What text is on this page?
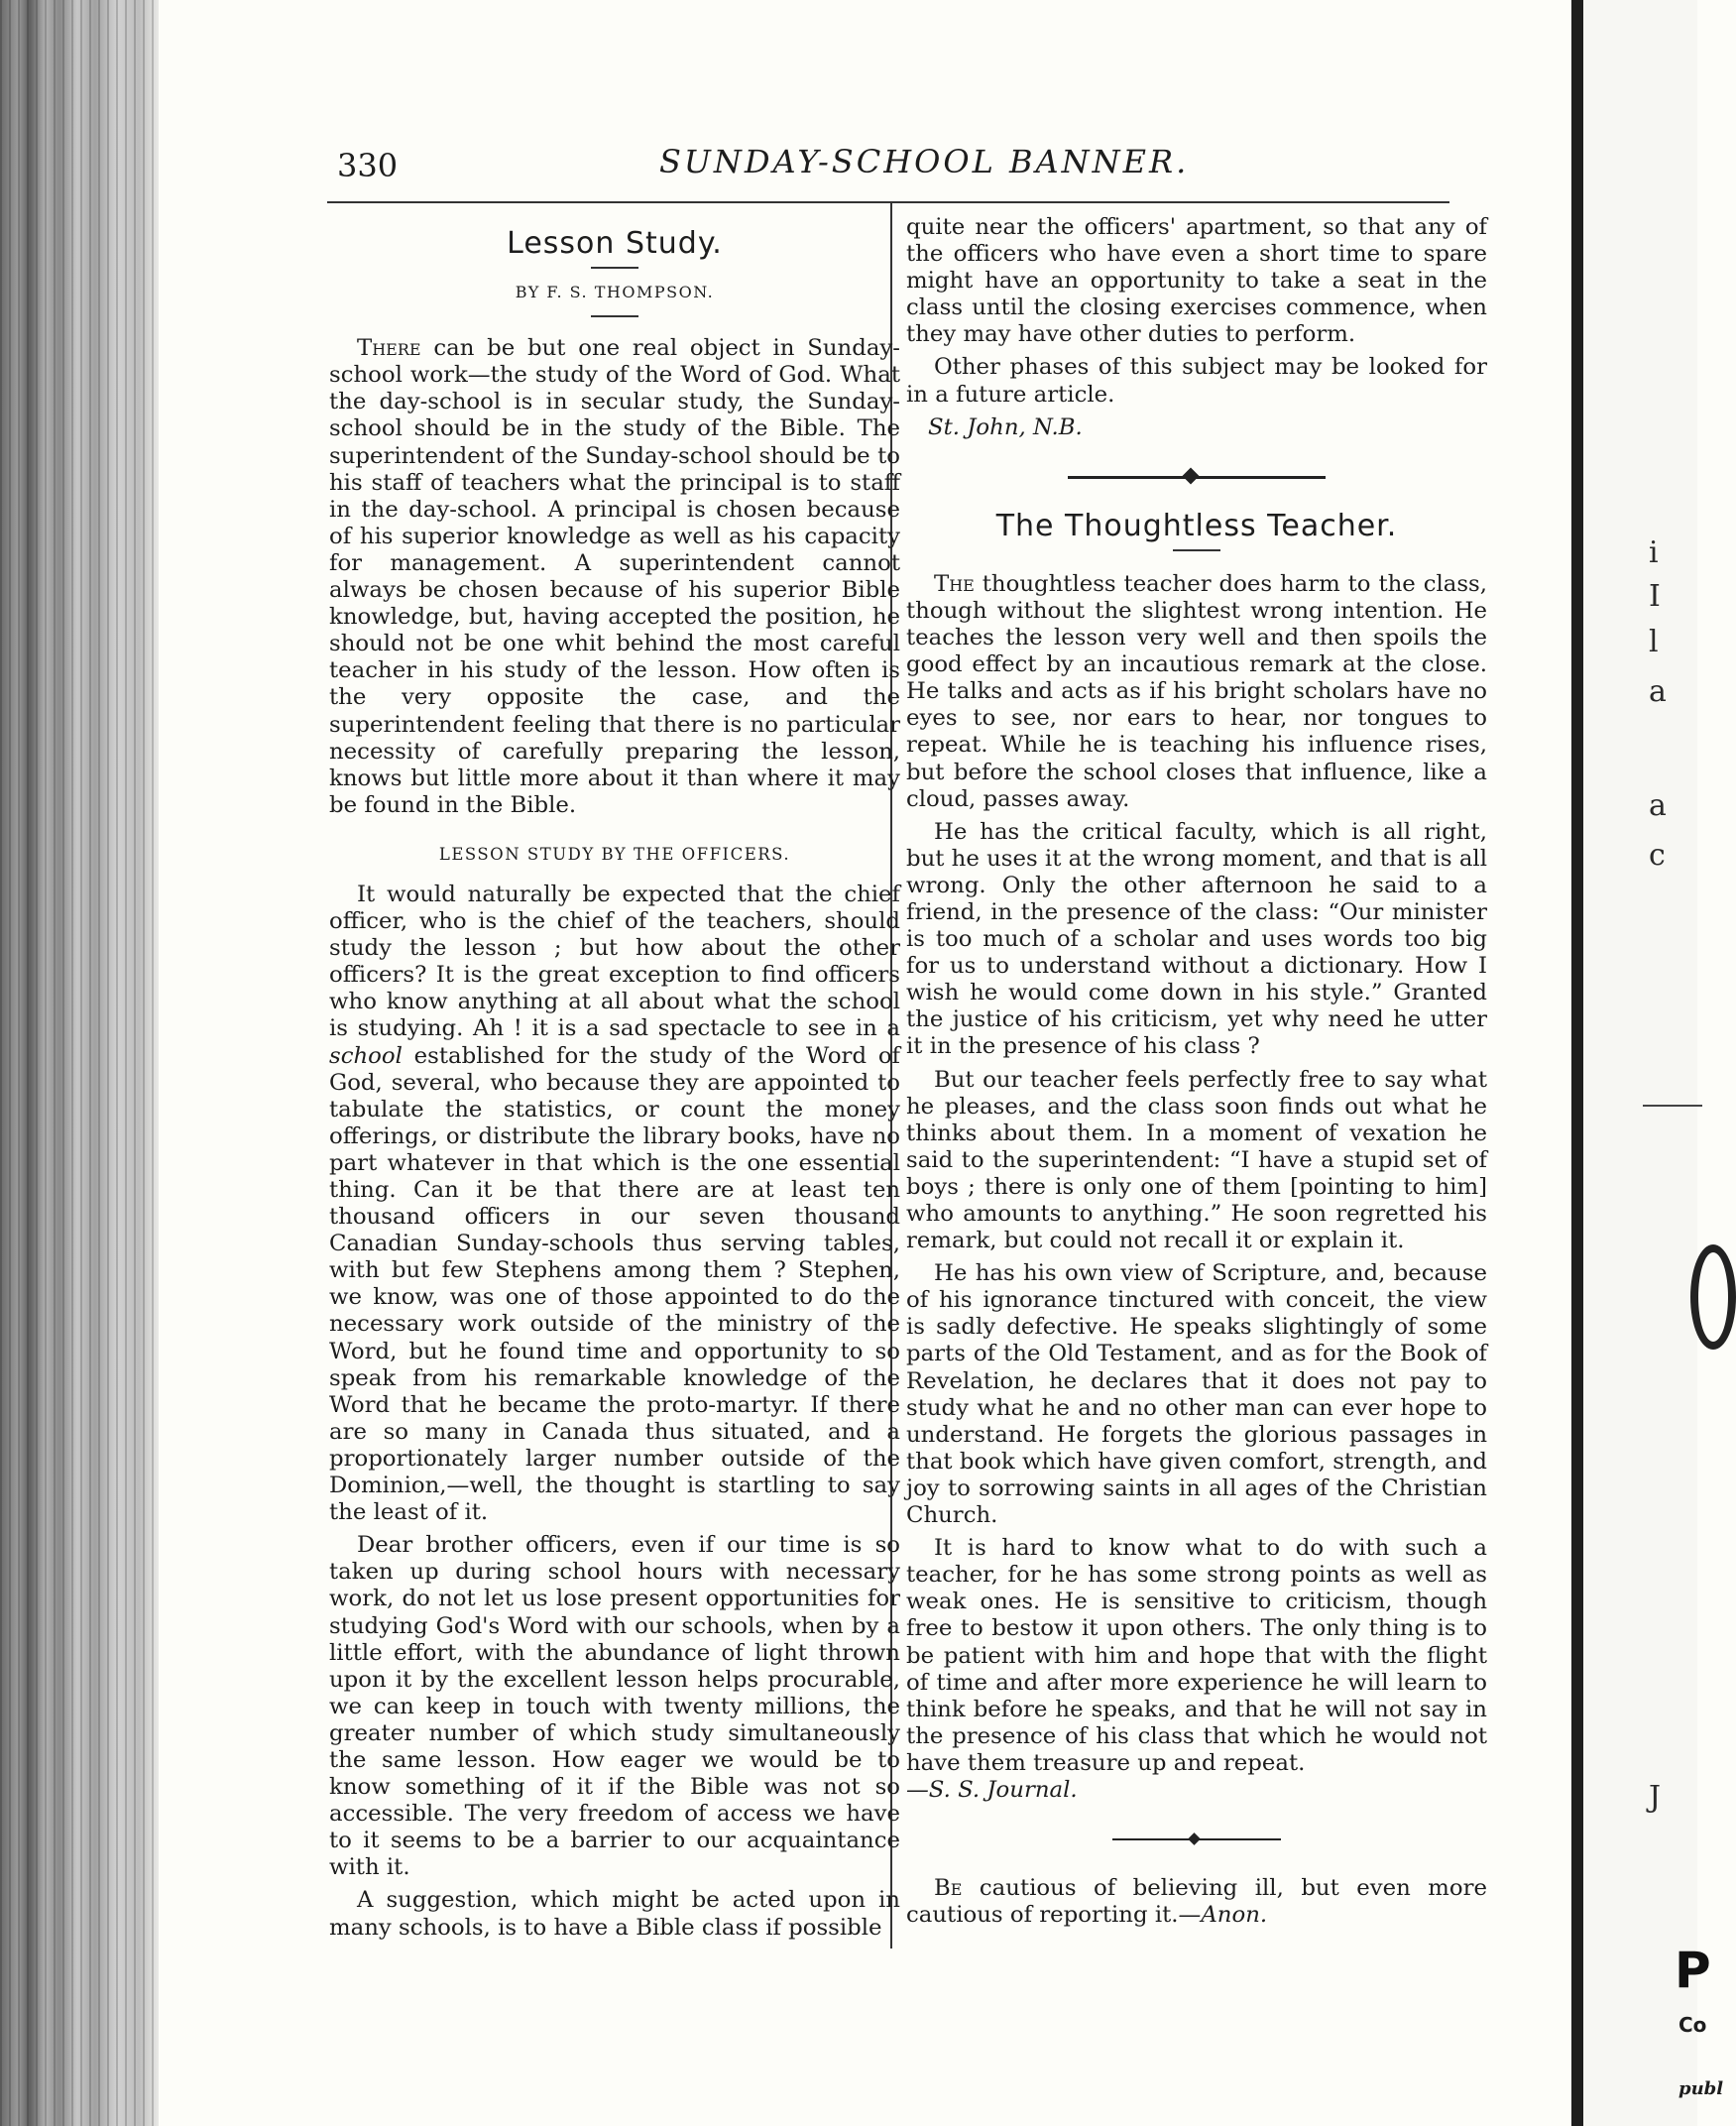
i
I
l
a
a
c
J
P
Co
publ
330	SUNDAY-SCHOOL BANNER.
Lesson Study.
BY F. S. THOMPSON.

There can be but one real object in Sunday-school work—the study of the Word of God. What the day-school is in secular study, the Sunday-school should be in the study of the Bible. The superintendent of the Sunday-school should be to his staff of teachers what the principal is to staff in the day-school. A principal is chosen because of his superior knowledge as well as his capacity for management. A superintendent cannot always be chosen because of his superior Bible knowledge, but, having accepted the position, he should not be one whit behind the most careful teacher in his study of the lesson. How often is the very opposite the case, and the superintendent feeling that there is no particular necessity of carefully preparing the lesson, knows but little more about it than where it may be found in the Bible.

LESSON STUDY BY THE OFFICERS.

It would naturally be expected that the chief officer, who is the chief of the teachers, should study the lesson ; but how about the other officers? It is the great exception to find officers who know anything at all about what the school is studying. Ah ! it is a sad spectacle to see in a school established for the study of the Word of God, several, who because they are appointed to tabulate the statistics, or count the money offerings, or distribute the library books, have no part whatever in that which is the one essential thing. Can it be that there are at least ten thousand officers in our seven thousand Canadian Sunday-schools thus serving tables, with but few Stephens among them ? Stephen, we know, was one of those appointed to do the necessary work outside of the ministry of the Word, but he found time and opportunity to so speak from his remarkable knowledge of the Word that he became the proto-martyr. If there are so many in Canada thus situated, and a proportionately larger number outside of the Dominion,—well, the thought is startling to say the least of it.

Dear brother officers, even if our time is so taken up during school hours with necessary work, do not let us lose present opportunities for studying God's Word with our schools, when by a little effort, with the abundance of light thrown upon it by the excellent lesson helps procurable, we can keep in touch with twenty millions, the greater number of which study simultaneously the same lesson. How eager we would be to know something of it if the Bible was not so accessible. The very freedom of access we have to it seems to be a barrier to our acquaintance with it.

A suggestion, which might be acted upon in many schools, is to have a Bible class if possible

quite near the officers' apartment, so that any of the officers who have even a short time to spare might have an opportunity to take a seat in the class until the closing exercises commence, when they may have other duties to perform.

Other phases of this subject may be looked for in a future article.

St. John, N.B.
The Thoughtless Teacher.

The thoughtless teacher does harm to the class, though without the slightest wrong intention. He teaches the lesson very well and then spoils the good effect by an incautious remark at the close. He talks and acts as if his bright scholars have no eyes to see, nor ears to hear, nor tongues to repeat. While he is teaching his influence rises, but before the school closes that influence, like a cloud, passes away.

He has the critical faculty, which is all right, but he uses it at the wrong moment, and that is all wrong. Only the other afternoon he said to a friend, in the presence of the class: “Our minister is too much of a scholar and uses words too big for us to understand without a dictionary. How I wish he would come down in his style.” Granted the justice of his criticism, yet why need he utter it in the presence of his class ?

But our teacher feels perfectly free to say what he pleases, and the class soon finds out what he thinks about them. In a moment of vexation he said to the superintendent: “I have a stupid set of boys ; there is only one of them [pointing to him] who amounts to anything.” He soon regretted his remark, but could not recall it or explain it.

He has his own view of Scripture, and, because of his ignorance tinctured with conceit, the view is sadly defective. He speaks slightingly of some parts of the Old Testament, and as for the Book of Revelation, he declares that it does not pay to study what he and no other man can ever hope to understand. He forgets the glorious passages in that book which have given comfort, strength, and joy to sorrowing saints in all ages of the Christian Church.

It is hard to know what to do with such a teacher, for he has some strong points as well as weak ones. He is sensitive to criticism, though free to bestow it upon others. The only thing is to be patient with him and hope that with the flight of time and after more experience he will learn to think before he speaks, and that he will not say in the presence of his class that which he would not have them treasure up and repeat.

—S. S. Journal.

Be cautious of believing ill, but even more cautious of reporting it.—Anon.
